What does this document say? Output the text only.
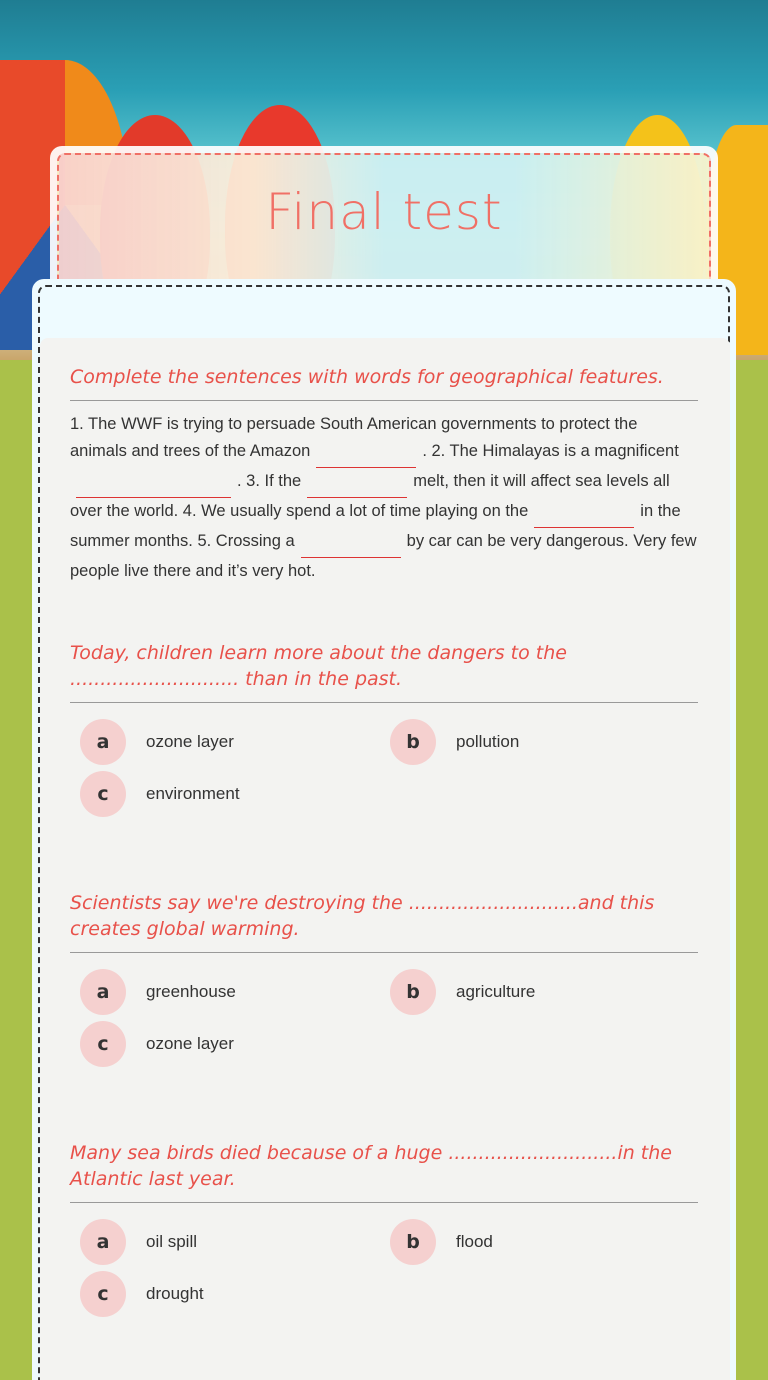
Final test
Complete the sentences with words for geographical features.
1. The WWF is trying to persuade South American governments to protect the animals and trees of the Amazon	. 2. The Himalayas is a magnificent. 3. If the	melt, then it will affect sea levels all over the world. 4. We usually spend a lot of time playing on the	in the summer months. 5. Crossing a	by car can be very dangerous. Very few people live there and it’s very hot.
Today, children learn more about the dangers to the ............................ than in the past.
a	ozone layer	b	pollution
c	environment
Scientists say we're destroying the ............................and this creates global warming.
a	greenhouse	b	agriculture
c	ozone layer
Many sea birds died because of a huge ............................in the Atlantic last year.
a	oil spill	b	flood
c	drought
